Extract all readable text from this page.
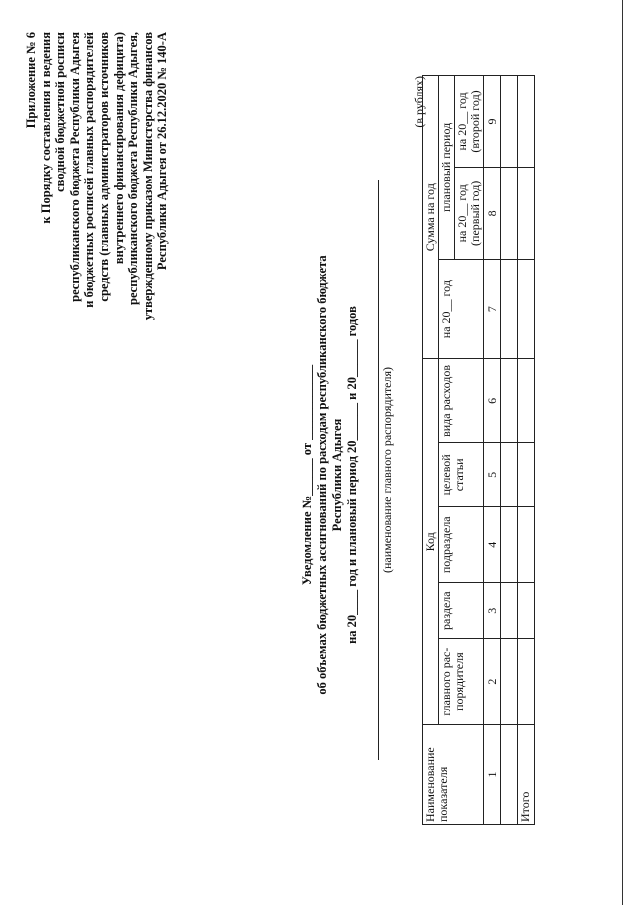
Приложение № 6 к Порядку составления и ведения сводной бюджетной росписи республиканского бюджета Республики Адыгея и бюджетных росписей главных распорядителей средств (главных администраторов источников внутреннего финансирования дефицита) республиканского бюджета Республики Адыгея, утвержденному приказом Министерства финансов Республики Адыгея от 26.12.2020 № 140-А
Уведомление №______ от ____________ об объемах бюджетных ассигнований по расходам республиканского бюджета Республики Адыгея на 20____ год и плановый период 20______ и 20______ годов (наименование главного распорядителя)
(в рублях)
Наименование показателя	Код					Сумма на год		
	главного рас-порядителя	раздела	подраздела	целевой статьи	вида расходов	на 20__ год	плановый период	
							на 20__ год (первый год)	на 20__ год (второй год)
1	2	3	4	5	6	7	8	9

Итого								
